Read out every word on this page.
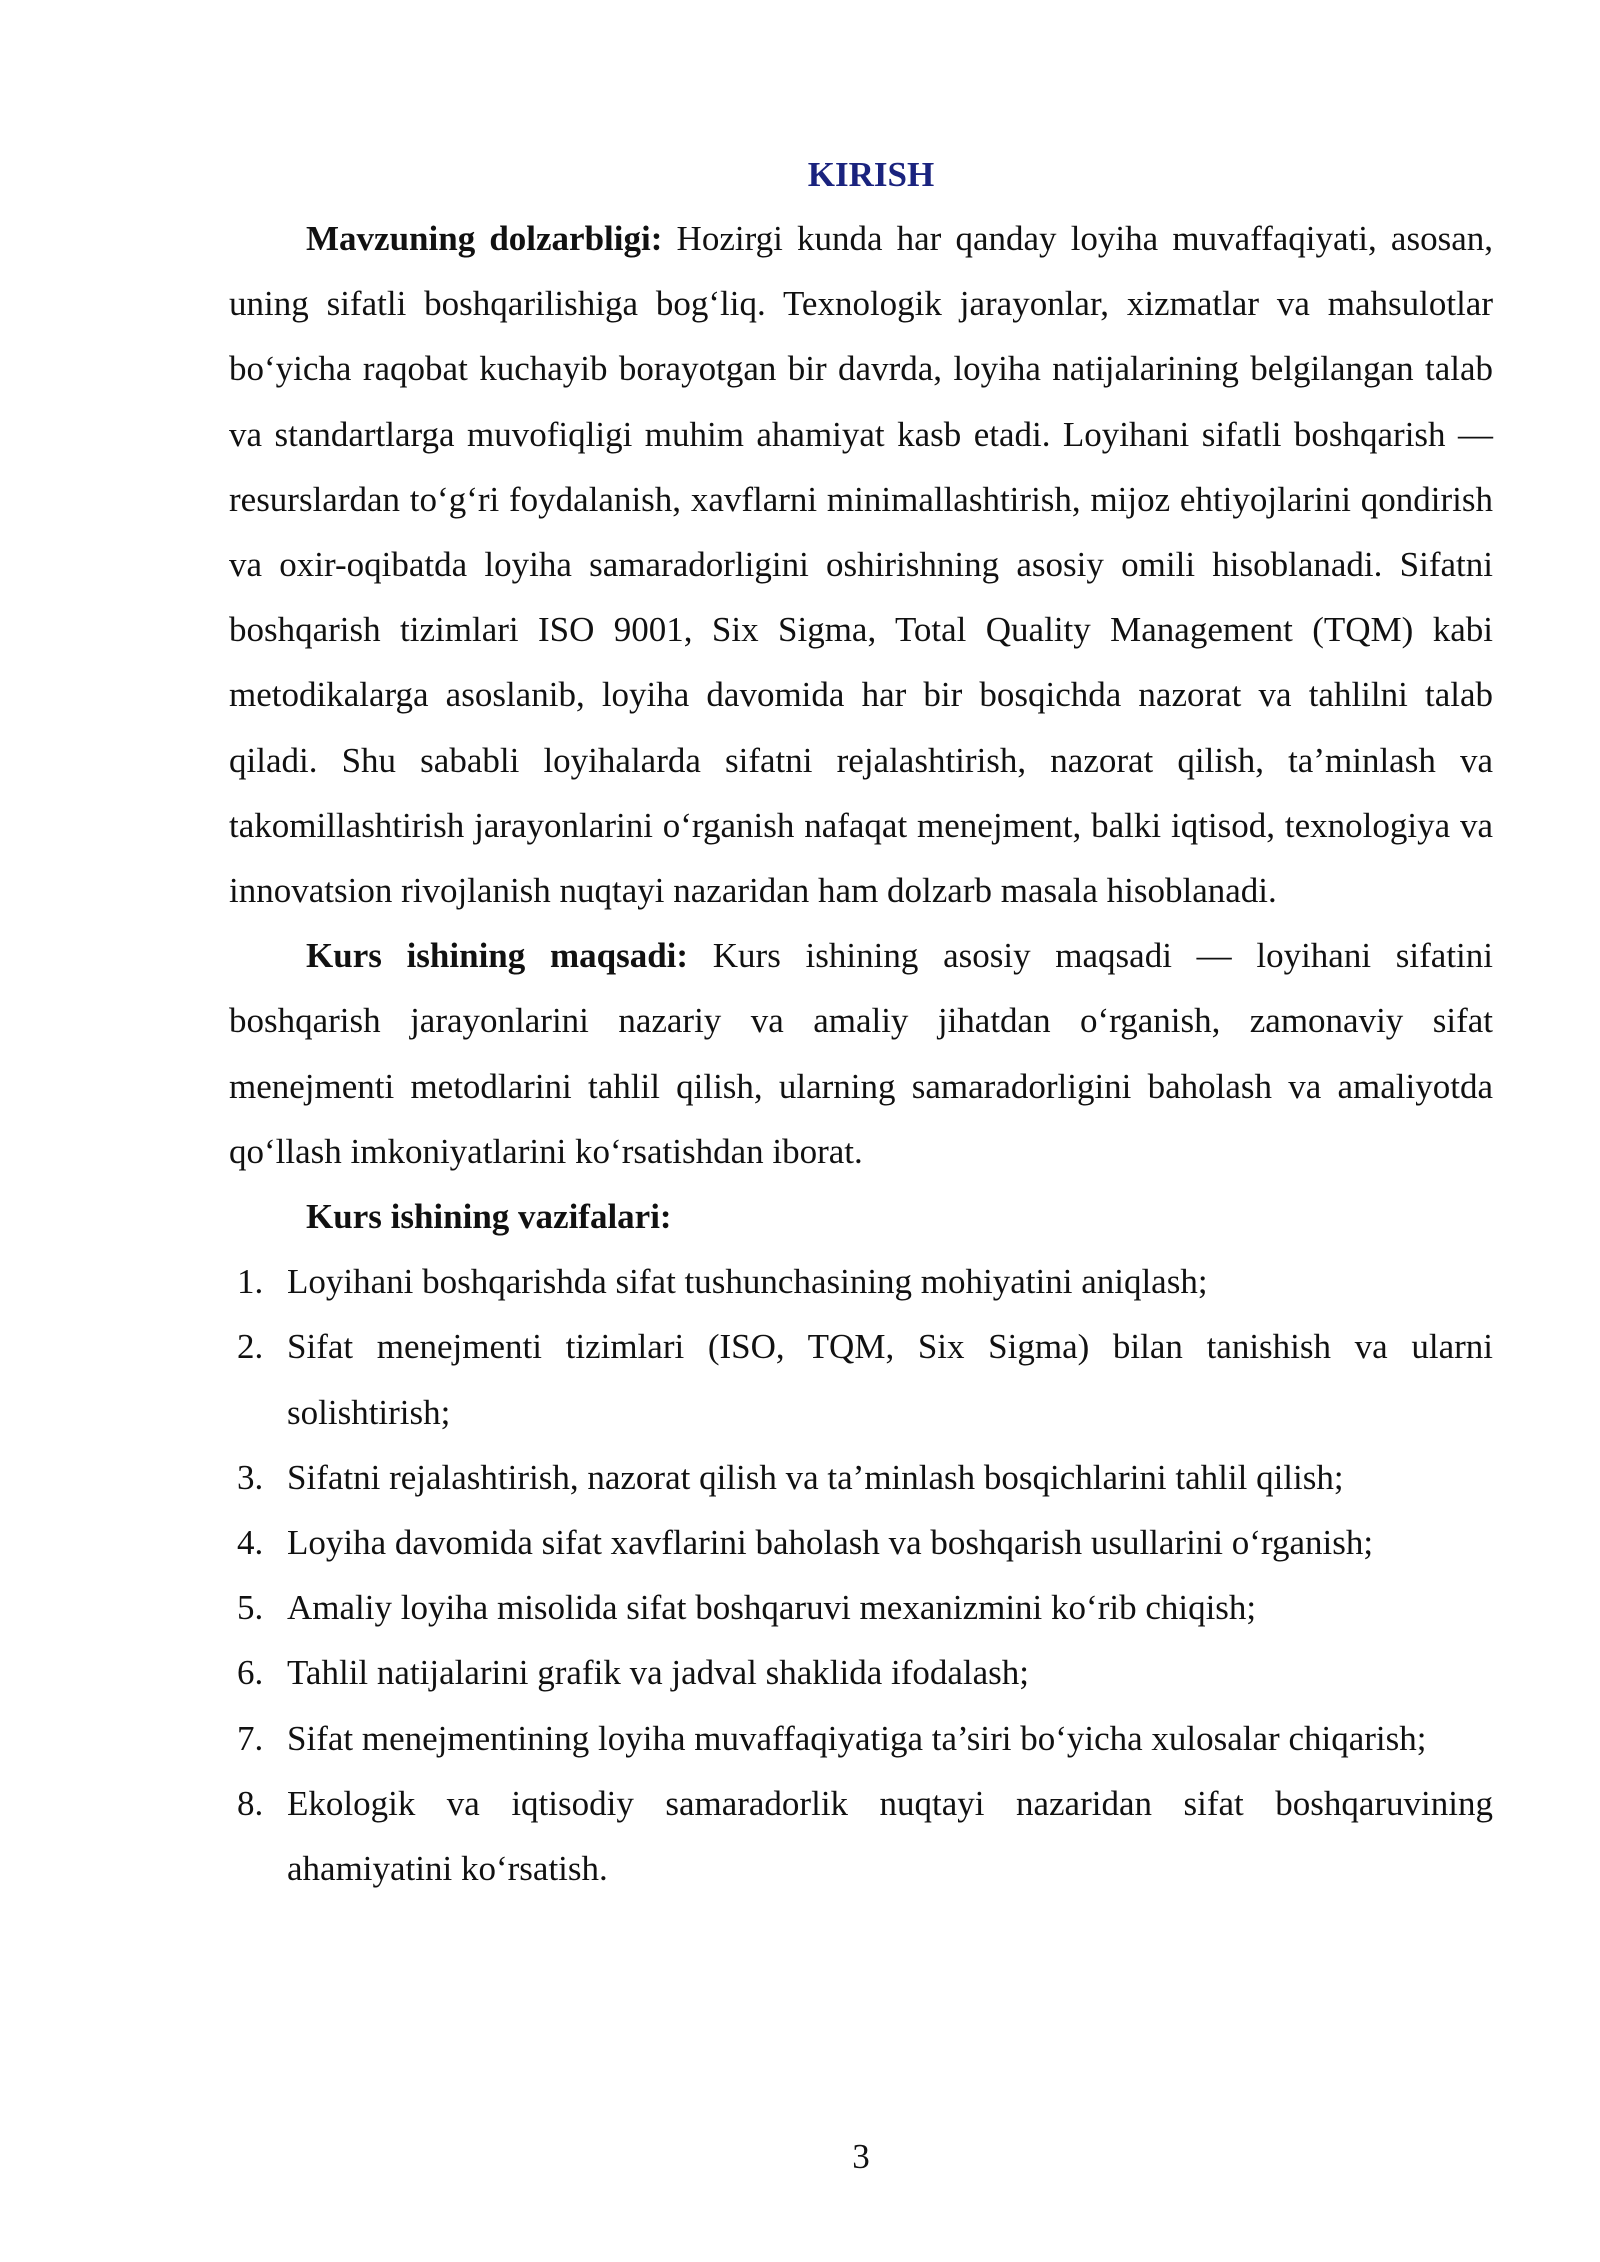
KIRISH

Mavzuning dolzarbligi: Hozirgi kunda har qanday loyiha muvaffaqiyati, asosan, uning sifatli boshqarilishiga bog‘liq. Texnologik jarayonlar, xizmatlar va mahsulotlar bo‘yicha raqobat kuchayib borayotgan bir davrda, loyiha natijalarining belgilangan talab va standartlarga muvofiqligi muhim ahamiyat kasb etadi. Loyihani sifatli boshqarish — resurslardan to‘g‘ri foydalanish, xavflarni minimallashtirish, mijoz ehtiyojlarini qondirish va oxir-oqibatda loyiha samaradorligini oshirishning asosiy omili hisoblanadi. Sifatni boshqarish tizimlari ISO 9001, Six Sigma, Total Quality Management (TQM) kabi metodikalarga asoslanib, loyiha davomida har bir bosqichda nazorat va tahlilni talab qiladi. Shu sababli loyihalarda sifatni rejalashtirish, nazorat qilish, ta’minlash va takomillashtirish jarayonlarini o‘rganish nafaqat menejment, balki iqtisod, texnologiya va innovatsion rivojlanish nuqtayi nazaridan ham dolzarb masala hisoblanadi.

Kurs ishining maqsadi: Kurs ishining asosiy maqsadi — loyihani sifatini boshqarish jarayonlarini nazariy va amaliy jihatdan o‘rganish, zamonaviy sifat menejmenti metodlarini tahlil qilish, ularning samaradorligini baholash va amaliyotda qo‘llash imkoniyatlarini ko‘rsatishdan iborat.

Kurs ishining vazifalari:
1. Loyihani boshqarishda sifat tushunchasining mohiyatini aniqlash;
2. Sifat menejmenti tizimlari (ISO, TQM, Six Sigma) bilan tanishish va ularni solishtirish;
3. Sifatni rejalashtirish, nazorat qilish va ta’minlash bosqichlarini tahlil qilish;
4. Loyiha davomida sifat xavflarini baholash va boshqarish usullarini o‘rganish;
5. Amaliy loyiha misolida sifat boshqaruvi mexanizmini ko‘rib chiqish;
6. Tahlil natijalarini grafik va jadval shaklida ifodalash;
7. Sifat menejmentining loyiha muvaffaqiyatiga ta’siri bo‘yicha xulosalar chiqarish;
8. Ekologik va iqtisodiy samaradorlik nuqtayi nazaridan sifat boshqaruvining ahamiyatini ko‘rsatish.
3
